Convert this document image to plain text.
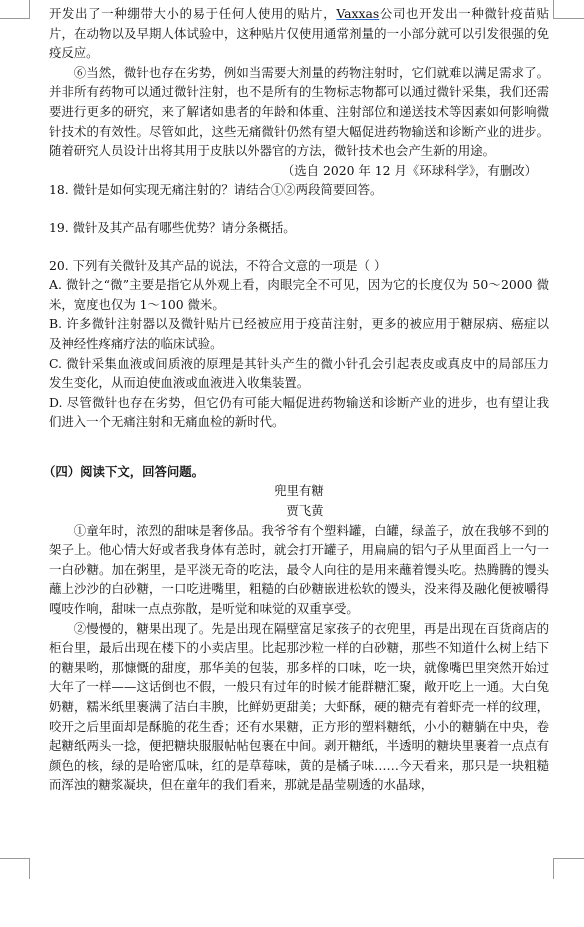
开发出了一种绷带大小的易于任何人使用的贴片，Vaxxas公司也开发出一种微针疫苗贴片，在动物以及早期人体试验中，这种贴片仅使用通常剂量的一小部分就可以引发很强的免疫反应。

⑥当然，微针也存在劣势，例如当需要大剂量的药物注射时，它们就难以满足需求了。并非所有药物可以通过微针注射，也不是所有的生物标志物都可以通过微针采集，我们还需要进行更多的研究，来了解诸如患者的年龄和体重、注射部位和递送技术等因素如何影响微针技术的有效性。尽管如此，这些无痛微针仍然有望大幅促进药物输送和诊断产业的进步。随着研究人员设计出将其用于皮肤以外器官的方法，微针技术也会产生新的用途。

（选自 2020 年 12 月《环球科学》，有删改）

18. 微针是如何实现无痛注射的？请结合①②两段简要回答。

19. 微针及其产品有哪些优势？请分条概括。

20. 下列有关微针及其产品的说法，不符合文意的一项是（ ）

A. 微针之“微”主要是指它从外观上看，肉眼完全不可见，因为它的长度仅为 50～2000 微米，宽度也仅为 1～100 微米。

B. 许多微针注射器以及微针贴片已经被应用于疫苗注射，更多的被应用于糖尿病、癌症以及神经性疼痛疗法的临床试验。

C. 微针采集血液或间质液的原理是其针头产生的微小针孔会引起表皮或真皮中的局部压力发生变化，从而迫使血液或血液进入收集装置。

D. 尽管微针也存在劣势，但它仍有可能大幅促进药物输送和诊断产业的进步，也有望让我们进入一个无痛注射和无痛血检的新时代。

（四）阅读下文，回答问题。

兜里有糖

贾飞黄

①童年时，浓烈的甜味是奢侈品。我爷爷有个塑料罐，白罐，绿盖子，放在我够不到的架子上。他心情大好或者我身体有恙时，就会打开罐子，用扁扁的铝勺子从里面舀上一勺一一白砂糖。加在粥里，是平淡无奇的吃法，最令人向往的是用来蘸着馒头吃。热腾腾的馒头蘸上沙沙的白砂糖，一口吃进嘴里，粗糙的白砂糖嵌进松软的馒头，没来得及融化便被嚼得嘎吱作响，甜味一点点弥散，是听觉和味觉的双重享受。

②慢慢的，糖果出现了。先是出现在隔壁富足家孩子的衣兜里，再是出现在百货商店的柜台里，最后出现在楼下的小卖店里。比起那沙粒一样的白砂糖，那些不知道什么树上结下的糖果哟，那慷慨的甜度，那华美的包装，那多样的口味，吃一块，就像嘴巴里突然开始过大年了一样——这话倒也不假，一般只有过年的时候才能群糖汇聚，敞开吃上一通。大白兔奶糖，糯米纸里裹满了洁白丰腴，比鲜奶更甜美；大虾酥，硬的糖壳有着虾壳一样的纹理，咬开之后里面却是酥脆的花生香；还有水果糖，正方形的塑料糖纸，小小的糖躺在中央，卷起糖纸两头一捻，便把糖块服服帖帖包裹在中间。剥开糖纸，半透明的糖块里裹着一点点有颜色的核，绿的是哈密瓜味，红的是草莓味，黄的是橘子味……今天看来，那只是一块粗糙而浑浊的糖浆凝块，但在童年的我们看来，那就是晶莹剔透的水晶球，
